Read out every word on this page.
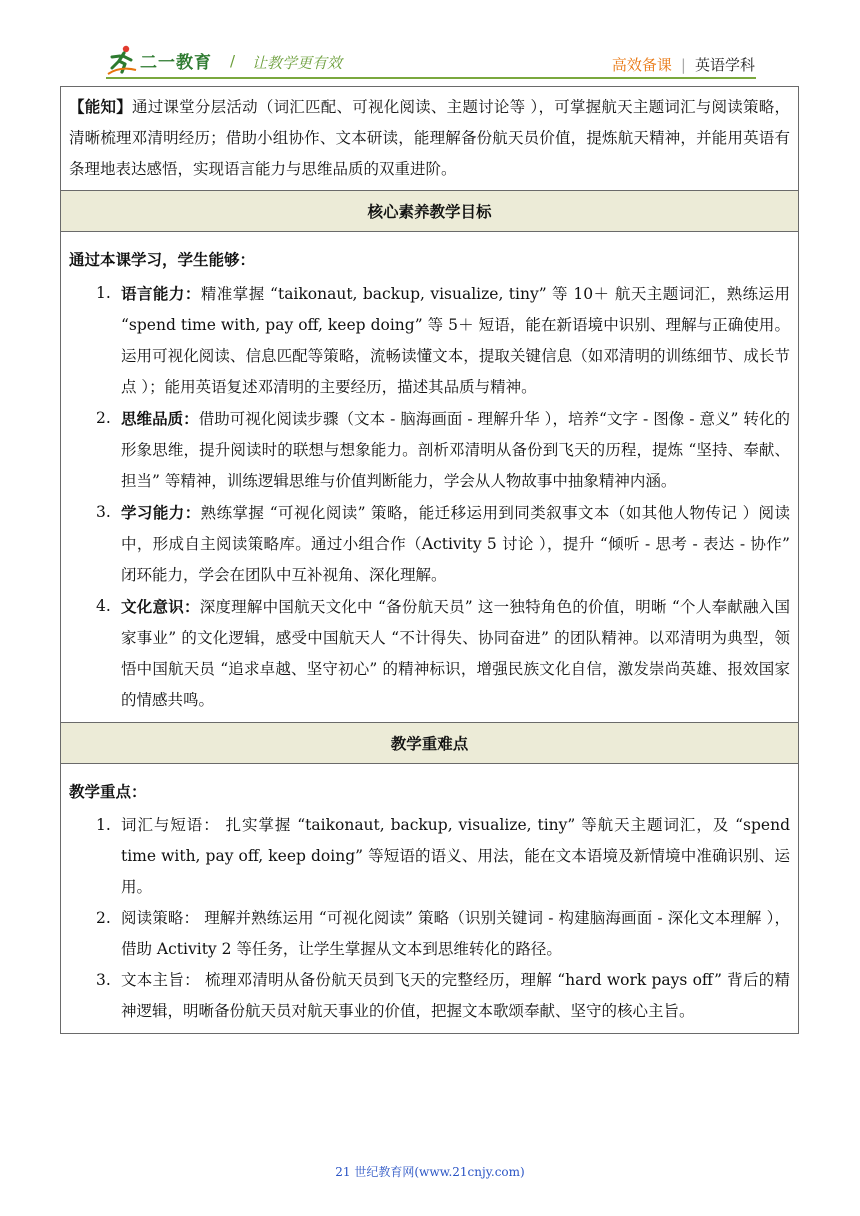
二一教育 / 让教学更有效	高效备课 | 英语学科
【能知】通过课堂分层活动（词汇匹配、可视化阅读、主题讨论等 ），可掌握航天主题词汇与阅读策略，清晰梳理邓清明经历；借助小组协作、文本研读，能理解备份航天员价值，提炼航天精神，并能用英语有条理地表达感悟，实现语言能力与思维品质的双重进阶。
核心素养教学目标
通过本课学习，学生能够：
1. 语言能力：精准掌握 “taikonaut, backup, visualize, tiny” 等 10＋ 航天主题词汇，熟练运用 “spend time with, pay off, keep doing” 等 5＋ 短语，能在新语境中识别、理解与正确使用。运用可视化阅读、信息匹配等策略，流畅读懂文本，提取关键信息（如邓清明的训练细节、成长节点 ）；能用英语复述邓清明的主要经历，描述其品质与精神。
2. 思维品质：借助可视化阅读步骤（文本 - 脑海画面 - 理解升华 ），培养“文字 - 图像 - 意义” 转化的形象思维，提升阅读时的联想与想象能力。剖析邓清明从备份到飞天的历程，提炼 “坚持、奉献、担当” 等精神，训练逻辑思维与价值判断能力，学会从人物故事中抽象精神内涵。
3. 学习能力：熟练掌握 “可视化阅读” 策略，能迁移运用到同类叙事文本（如其他人物传记 ）阅读中，形成自主阅读策略库。通过小组合作（Activity 5 讨论 ），提升 “倾听 - 思考 - 表达 - 协作” 闭环能力，学会在团队中互补视角、深化理解。
4. 文化意识：深度理解中国航天文化中 “备份航天员” 这一独特角色的价值，明晰 “个人奉献融入国家事业” 的文化逻辑，感受中国航天人 “不计得失、协同奋进” 的团队精神。以邓清明为典型，领悟中国航天员 “追求卓越、坚守初心” 的精神标识，增强民族文化自信，激发崇尚英雄、报效国家的情感共鸣。
教学重难点
教学重点：
1. 词汇与短语： 扎实掌握 “taikonaut, backup, visualize, tiny” 等航天主题词汇，及 “spend time with, pay off, keep doing” 等短语的语义、用法，能在文本语境及新情境中准确识别、运用。
2. 阅读策略： 理解并熟练运用 “可视化阅读” 策略（识别关键词 - 构建脑海画面 - 深化文本理解 ），借助 Activity 2 等任务，让学生掌握从文本到思维转化的路径。
3. 文本主旨： 梳理邓清明从备份航天员到飞天的完整经历，理解 “hard work pays off” 背后的精神逻辑，明晰备份航天员对航天事业的价值，把握文本歌颂奉献、坚守的核心主旨。
21 世纪教育网(www.21cnjy.com)
